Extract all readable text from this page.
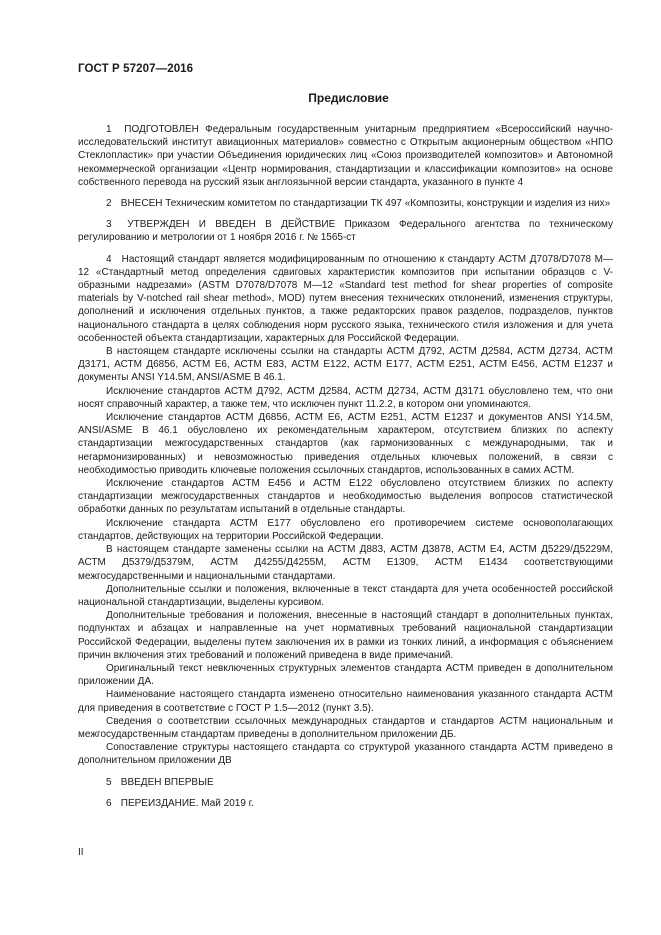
ГОСТ Р 57207—2016
Предисловие

1 ПОДГОТОВЛЕН Федеральным государственным унитарным предприятием «Всероссийский научно-исследовательский институт авиационных материалов» совместно с Открытым акционерным обществом «НПО Стеклопластик» при участии Объединения юридических лиц «Союз производителей композитов» и Автономной некоммерческой организации «Центр нормирования, стандартизации и классификации композитов» на основе собственного перевода на русский язык англоязычной версии стандарта, указанного в пункте 4

2 ВНЕСЕН Техническим комитетом по стандартизации ТК 497 «Композиты, конструкции и изделия из них»

3 УТВЕРЖДЕН И ВВЕДЕН В ДЕЙСТВИЕ Приказом Федерального агентства по техническому регулированию и метрологии от 1 ноября 2016 г. № 1565-ст

4 Настоящий стандарт является модифицированным по отношению к стандарту АСТМ Д7078/D7078 М—12 «Стандартный метод определения сдвиговых характеристик композитов при испытании образцов с V-образными надрезами» (ASTM D7078/D7078 M—12 «Standard test method for shear properties of composite materials by V-notched rail shear method», MOD) путем внесения технических отклонений, изменения структуры, дополнений и исключения отдельных пунктов, а также редакторских правок разделов, подразделов, пунктов национального стандарта в целях соблюдения норм русского языка, технического стиля изложения и для учета особенностей объекта стандартизации, характерных для Российской Федерации.

В настоящем стандарте исключены ссылки на стандарты АСТМ Д792, АСТМ Д2584, АСТМ Д2734, АСТМ Д3171, АСТМ Д6856, АСТМ Е6, АСТМ Е83, АСТМ Е122, АСТМ Е177, АСТМ Е251, АСТМ Е456, АСТМ Е1237 и документы ANSI Y14.5M, ANSI/ASME B 46.1.

Исключение стандартов АСТМ Д792, АСТМ Д2584, АСТМ Д2734, АСТМ Д3171 обусловлено тем, что они носят справочный характер, а также тем, что исключен пункт 11.2.2, в котором они упоминаются.

Исключение стандартов АСТМ Д6856, АСТМ Е6, АСТМ Е251, АСТМ Е1237 и документов ANSI Y14.5M, ANSI/ASME B 46.1 обусловлено их рекомендательным характером, отсутствием близких по аспекту стандартизации межгосударственных стандартов (как гармонизованных с международными, так и негармонизированных) и невозможностью приведения отдельных ключевых положений, в связи с необходимостью приводить ключевые положения ссылочных стандартов, использованных в самих АСТМ.

Исключение стандартов АСТМ Е456 и АСТМ Е122 обусловлено отсутствием близких по аспекту стандартизации межгосударственных стандартов и необходимостью выделения вопросов статистической обработки данных по результатам испытаний в отдельные стандарты.

Исключение стандарта АСТМ Е177 обусловлено его противоречием системе основополагающих стандартов, действующих на территории Российской Федерации.

В настоящем стандарте заменены ссылки на АСТМ Д883, АСТМ Д3878, АСТМ Е4, АСТМ Д5229/Д5229М, АСТМ Д5379/Д5379М, АСТМ Д4255/Д4255М, АСТМ Е1309, АСТМ Е1434 соответствующими межгосударственными и национальными стандартами.

Дополнительные ссылки и положения, включенные в текст стандарта для учета особенностей российской национальной стандартизации, выделены курсивом.

Дополнительные требования и положения, внесенные в настоящий стандарт в дополнительных пунктах, подпунктах и абзацах и направленные на учет нормативных требований национальной стандартизации Российской Федерации, выделены путем заключения их в рамки из тонких линий, а информация с объяснением причин включения этих требований и положений приведена в виде примечаний.

Оригинальный текст невключенных структурных элементов стандарта АСТМ приведен в дополнительном приложении ДА.

Наименование настоящего стандарта изменено относительно наименования указанного стандарта АСТМ для приведения в соответствие с ГОСТ Р 1.5—2012 (пункт 3.5).

Сведения о соответствии ссылочных международных стандартов и стандартов АСТМ национальным и межгосударственным стандартам приведены в дополнительном приложении ДБ.

Сопоставление структуры настоящего стандарта со структурой указанного стандарта АСТМ приведено в дополнительном приложении ДВ

5 ВВЕДЕН ВПЕРВЫЕ

6 ПЕРЕИЗДАНИЕ. Май 2019 г.

II
